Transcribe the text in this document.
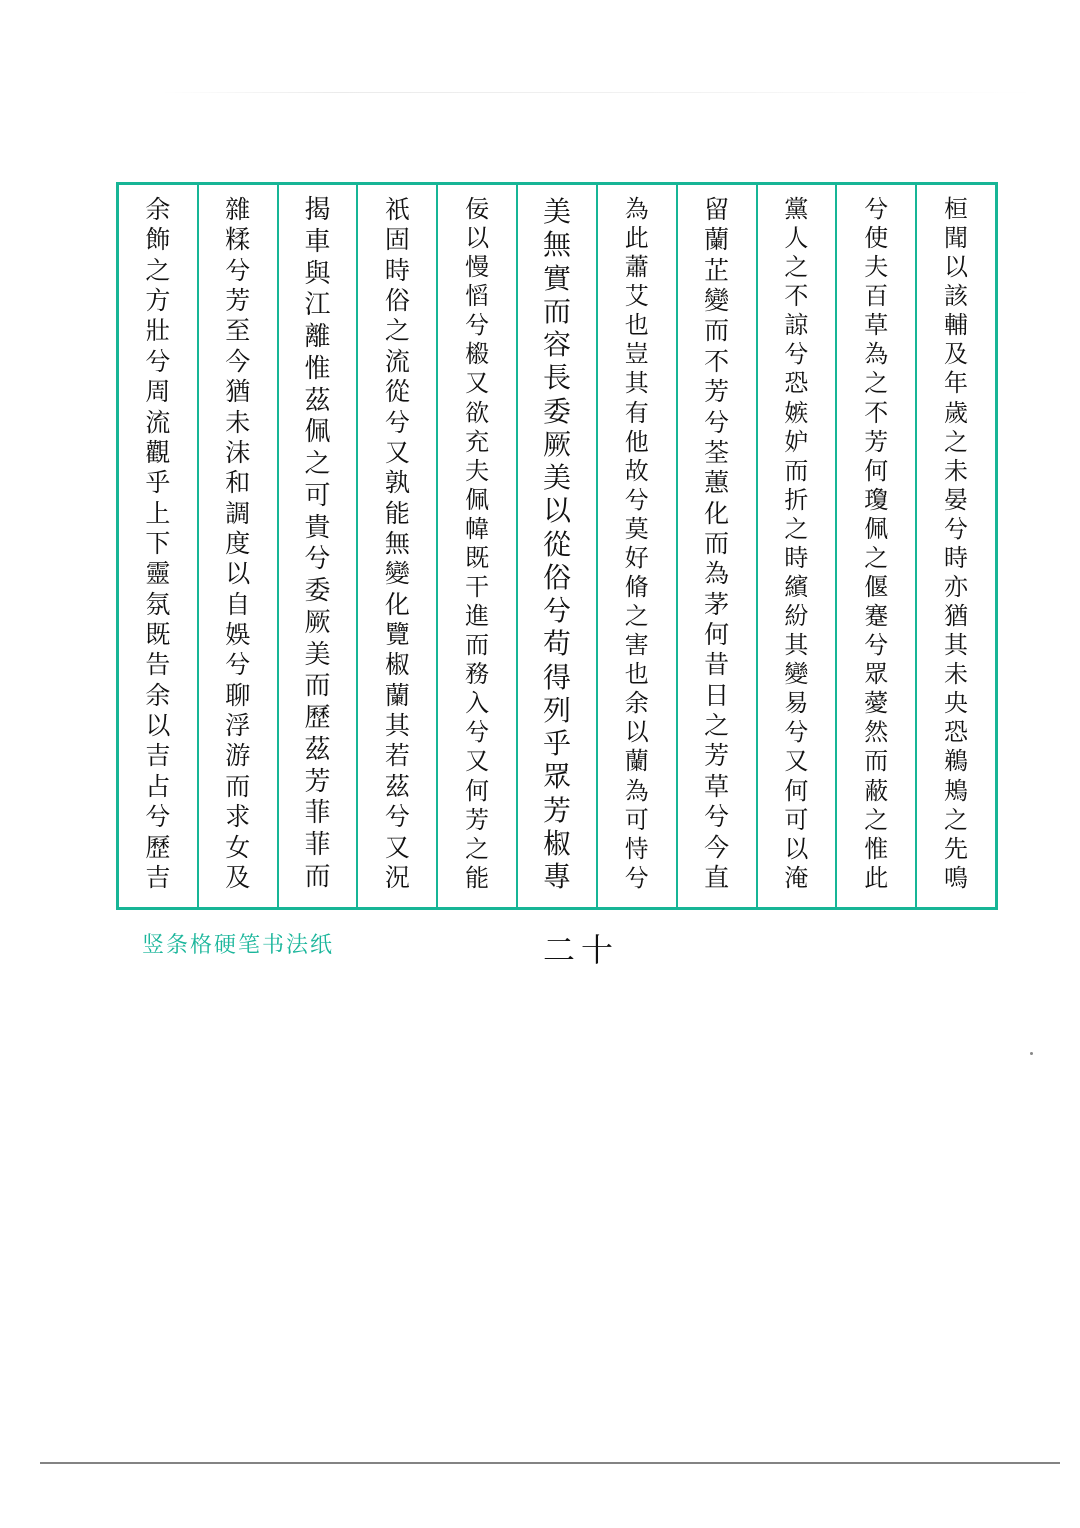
余
飾
之
方
壯
兮
周
流
觀
乎
上
下
靈
氛
既
告
余
以
吉
占
兮
歷
吉
雜
糅
兮
芳
至
今
猶
未
沫
和
調
度
以
自
娛
兮
聊
浮
游
而
求
女
及
揭
車
與
江
離
惟
茲
佩
之
可
貴
兮
委
厥
美
而
歷
茲
芳
菲
菲
而
祇
固
時
俗
之
流
從
兮
又
孰
能
無
變
化
覽
椒
蘭
其
若
茲
兮
又
況
佞
以
慢
慆
兮
榝
又
欲
充
夫
佩
幃
既
干
進
而
務
入
兮
又
何
芳
之
能
美
無
實
而
容
長
委
厥
美
以
從
俗
兮
苟
得
列
乎
眾
芳
椒
專
為
此
蕭
艾
也
豈
其
有
他
故
兮
莫
好
脩
之
害
也
余
以
蘭
為
可
恃
兮
留
蘭
芷
變
而
不
芳
兮
荃
蕙
化
而
為
茅
何
昔
日
之
芳
草
兮
今
直
黨
人
之
不
諒
兮
恐
嫉
妒
而
折
之
時
繽
紛
其
變
易
兮
又
何
可
以
淹
兮
使
夫
百
草
為
之
不
芳
何
瓊
佩
之
偃
蹇
兮
眾
薆
然
而
蔽
之
惟
此
桓
聞
以
該
輔
及
年
歲
之
未
晏
兮
時
亦
猶
其
未
央
恐
鵜
鴂
之
先
鳴
竖条格硬笔书法纸	二十
